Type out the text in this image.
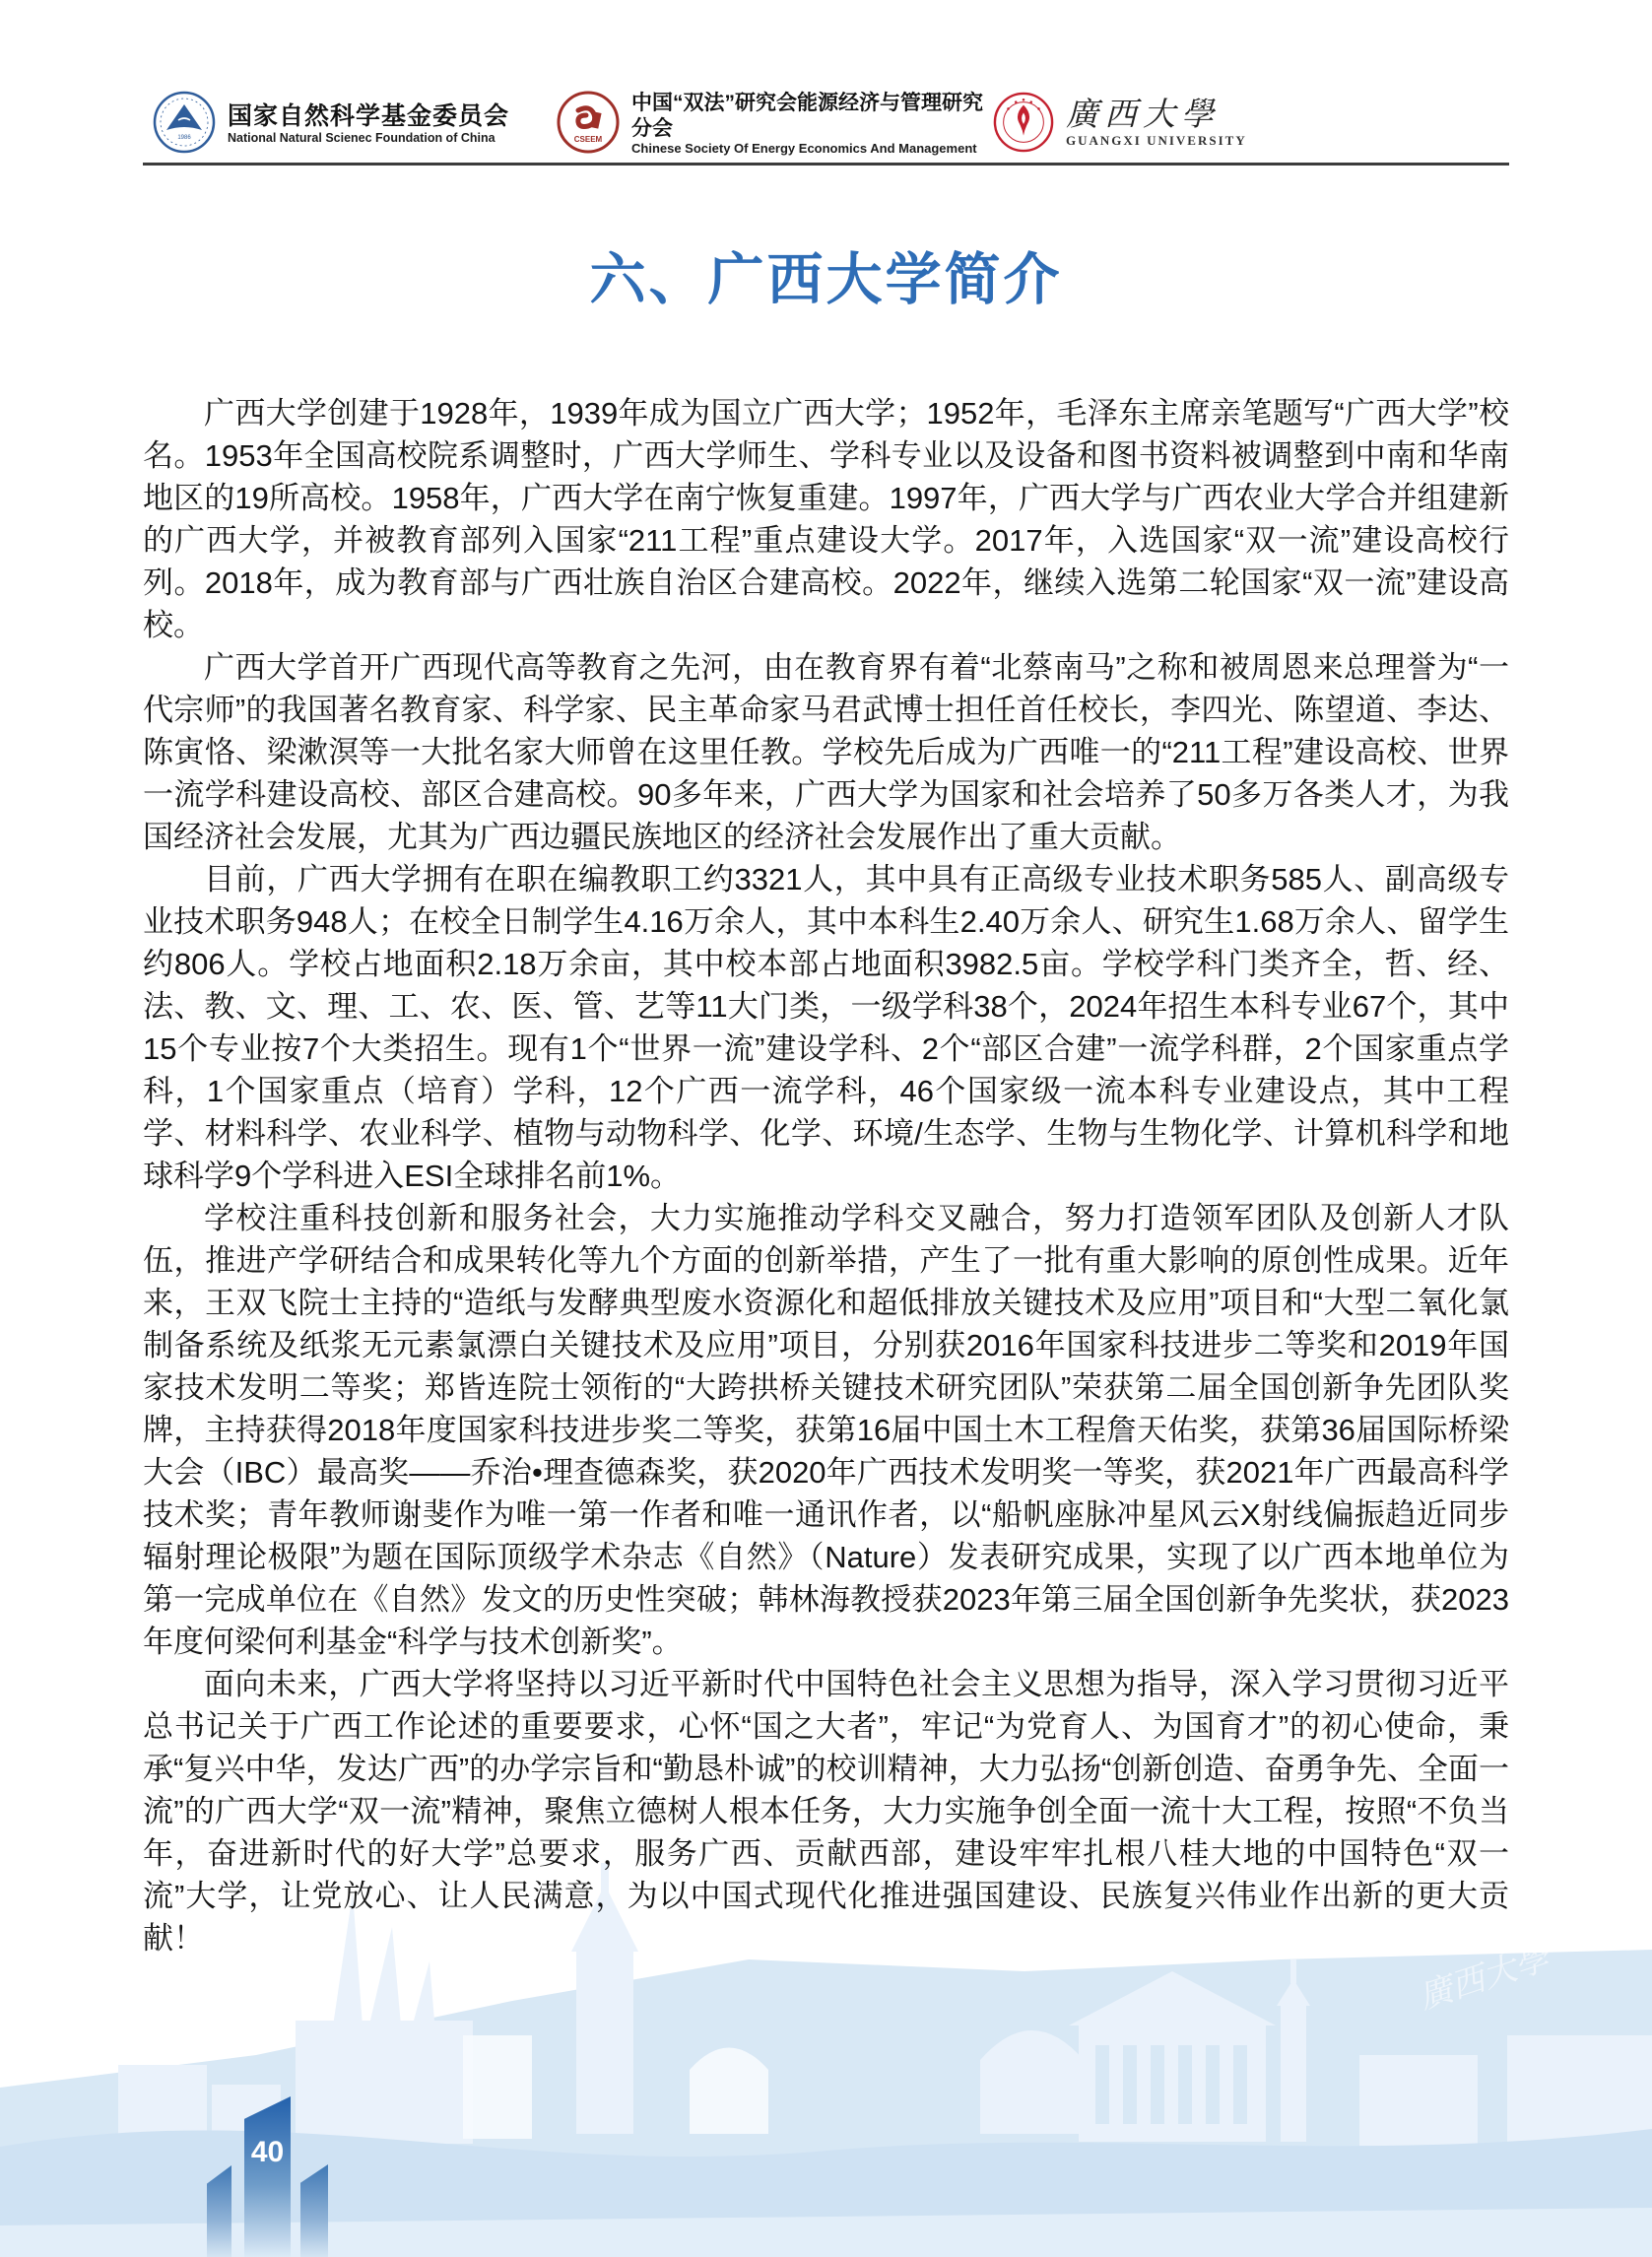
廣西大學
1986
国家自然科学基金委员会
National Natural Scienec Foundation of China	CSEEM
中国“双法”研究会能源经济与管理研究分会
Chinese Society Of Energy Economics And Management
廣西大學
GUANGXI UNIVERSITY
六、广西大学简介

广西大学创建于1928年，1939年成为国立广西大学；1952年，毛泽东主席亲笔题写“广西大学”校名。1953年全国高校院系调整时，广西大学师生、学科专业以及设备和图书资料被调整到中南和华南地区的19所高校。1958年，广西大学在南宁恢复重建。1997年，广西大学与广西农业大学合并组建新的广西大学，并被教育部列入国家“211工程”重点建设大学。2017年，入选国家“双一流”建设高校行列。2018年，成为教育部与广西壮族自治区合建高校。2022年，继续入选第二轮国家“双一流”建设高校。

广西大学首开广西现代高等教育之先河，由在教育界有着“北蔡南马”之称和被周恩来总理誉为“一代宗师”的我国著名教育家、科学家、民主革命家马君武博士担任首任校长，李四光、陈望道、李达、陈寅恪、梁漱溟等一大批名家大师曾在这里任教。学校先后成为广西唯一的“211工程”建设高校、世界一流学科建设高校、部区合建高校。90多年来，广西大学为国家和社会培养了50多万各类人才，为我国经济社会发展，尤其为广西边疆民族地区的经济社会发展作出了重大贡献。

目前，广西大学拥有在职在编教职工约3321人，其中具有正高级专业技术职务585人、副高级专业技术职务948人；在校全日制学生4.16万余人，其中本科生2.40万余人、研究生1.68万余人、留学生约806人。学校占地面积2.18万余亩，其中校本部占地面积3982.5亩。学校学科门类齐全，哲、经、法、教、文、理、工、农、医、管、艺等11大门类，一级学科38个，2024年招生本科专业67个，其中15个专业按7个大类招生。现有1个“世界一流”建设学科、2个“部区合建”一流学科群，2个国家重点学科，1个国家重点（培育）学科，12个广西一流学科，46个国家级一流本科专业建设点，其中工程学、材料科学、农业科学、植物与动物科学、化学、环境/生态学、生物与生物化学、计算机科学和地球科学9个学科进入ESI全球排名前1%。

学校注重科技创新和服务社会，大力实施推动学科交叉融合，努力打造领军团队及创新人才队伍，推进产学研结合和成果转化等九个方面的创新举措，产生了一批有重大影响的原创性成果。近年来，王双飞院士主持的“造纸与发酵典型废水资源化和超低排放关键技术及应用”项目和“大型二氧化氯制备系统及纸浆无元素氯漂白关键技术及应用”项目，分别获2016年国家科技进步二等奖和2019年国家技术发明二等奖；郑皆连院士领衔的“大跨拱桥关键技术研究团队”荣获第二届全国创新争先团队奖牌，主持获得2018年度国家科技进步奖二等奖，获第16届中国土木工程詹天佑奖，获第36届国际桥梁大会（IBC）最高奖——乔治•理查德森奖，获2020年广西技术发明奖一等奖，获2021年广西最高科学技术奖；青年教师谢斐作为唯一第一作者和唯一通讯作者，以“船帆座脉冲星风云X射线偏振趋近同步辐射理论极限”为题在国际顶级学术杂志《自然》（Nature）发表研究成果，实现了以广西本地单位为第一完成单位在《自然》发文的历史性突破；韩林海教授获2023年第三届全国创新争先奖状，获2023年度何梁何利基金“科学与技术创新奖”。

面向未来，广西大学将坚持以习近平新时代中国特色社会主义思想为指导，深入学习贯彻习近平总书记关于广西工作论述的重要要求，心怀“国之大者”，牢记“为党育人、为国育才”的初心使命，秉承“复兴中华，发达广西”的办学宗旨和“勤恳朴诚”的校训精神，大力弘扬“创新创造、奋勇争先、全面一流”的广西大学“双一流”精神，聚焦立德树人根本任务，大力实施争创全面一流十大工程，按照“不负当年，奋进新时代的好大学”总要求，服务广西、贡献西部，建设牢牢扎根八桂大地的中国特色“双一流”大学，让党放心、让人民满意，为以中国式现代化推进强国建设、民族复兴伟业作出新的更大贡献！

40
